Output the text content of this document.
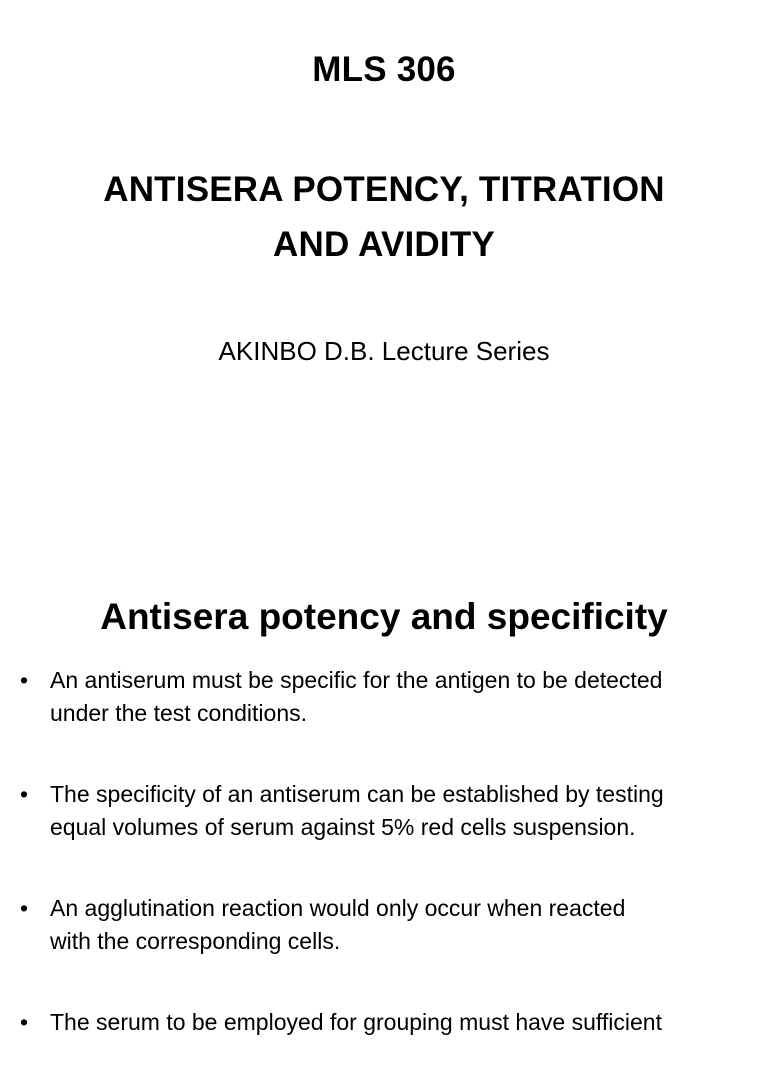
MLS 306
ANTISERA POTENCY, TITRATION
AND AVIDITY
AKINBO D.B. Lecture Series
Antisera potency and specificity
• An antiserum must be specific for the antigen to be detected
under the test conditions.
• The specificity of an antiserum can be established by testing
equal volumes of serum against 5% red cells suspension.
• An agglutination reaction would only occur when reacted
with the corresponding cells.
• The serum to be employed for grouping must have sufficient
